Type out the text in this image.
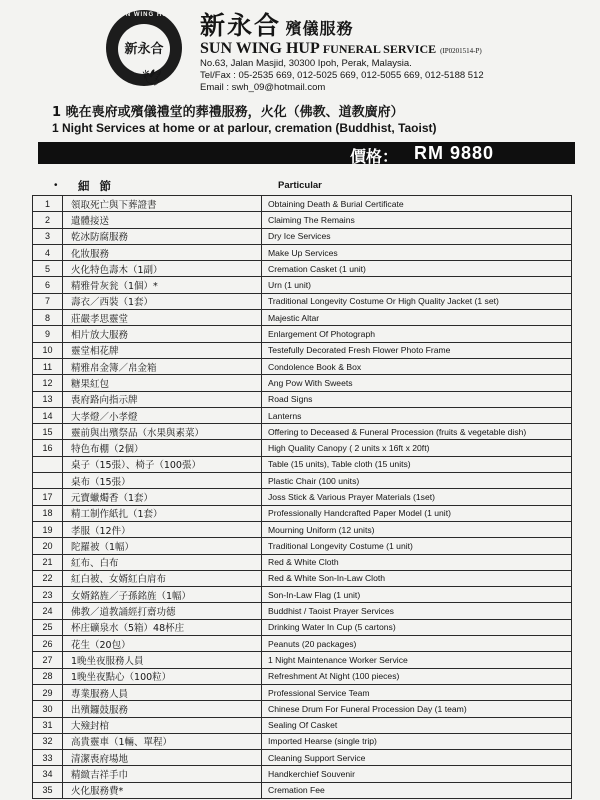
SUN WING HUP
新永合
🕊
新永合 殯儀服務
SUN WING HUP FUNERAL SERVICE (IP0201514-P)
No.63, Jalan Masjid, 30300 Ipoh, Perak, Malaysia.
Tel/Fax : 05-2535 669, 012-5025 669, 012-5055 669, 012-5188 512
Email : swh_09@hotmail.com
1 晚在喪府或殯儀禮堂的葬禮服務，火化（佛教、道教廣府）
1 Night Services at home or at parlour, cremation (Buddhist, Taoist)
價格： RM 9880
• 細 節	Particular
1	領取死亡與下葬證書	Obtaining Death & Burial Certificate
2	遺體接送	Claiming The Remains
3	乾冰防腐服務	Dry Ice Services
4	化妝服務	Make Up Services
5	火化特色壽木（1副）	Cremation Casket (1 unit)
6	精雅骨灰瓮（1個）*	Urn (1 unit)
7	壽衣／西裝（1套）	Traditional Longevity Costume Or High Quality Jacket (1 set)
8	莊嚴孝思靈堂	Majestic Altar
9	相片放大服務	Enlargement Of Photograph
10	靈堂相花牌	Testefully Decorated Fresh Flower Photo Frame
11	精雅帛金簿／帛金箱	Condolence Book & Box
12	糖果紅包	Ang Pow With Sweets
13	喪府路向指示牌	Road Signs
14	大孝燈／小孝燈	Lanterns
15	靈前與出殯祭品（水果與素菜）	Offering to Deceased & Funeral Procession (fruits & vegetable dish)
16	特色布棚（2個）	High Quality Canopy ( 2 units x 16ft x 20ft)
	桌子（15張）、椅子（100張）	Table (15 units), Table cloth (15 units)
	桌布（15張）	Plastic Chair (100 units)
17	元寶蠟燭香（1套）	Joss Stick & Various Prayer Materials (1set)
18	精工制作紙扎（1套）	Professionally Handcrafted Paper Model (1 unit)
19	孝服（12件）	Mourning Uniform (12 units)
20	陀羅被（1幅）	Traditional Longevity Costume (1 unit)
21	紅布、白布	Red & White Cloth
22	紅白被、女婿紅白肩布	Red & White Son-In-Law Cloth
23	女婿銘旌／子孫銘旌（1幅）	Son-In-Law Flag (1 unit)
24	佛教／道教誦經打齋功德	Buddhist / Taoist Prayer Services
25	杯庄礦泉水（5箱）48杯庄	Drinking Water In Cup (5 cartons)
26	花生（20包）	Peanuts (20 packages)
27	1晚坐夜服務人員	1 Night Maintenance Worker Service
28	1晚坐夜點心（100粒）	Refreshment At Night (100 pieces)
29	專業服務人員	Professional Service Team
30	出殯鑼鼓服務	Chinese Drum For Funeral Procession Day (1 team)
31	大殮封棺	Sealing Of Casket
32	高貴靈車（1輛、單程）	Imported Hearse (single trip)
33	清潔喪府場地	Cleaning Support Service
34	精緻吉祥手巾	Handkerchief Souvenir
35	火化服務費*	Cremation Fee
